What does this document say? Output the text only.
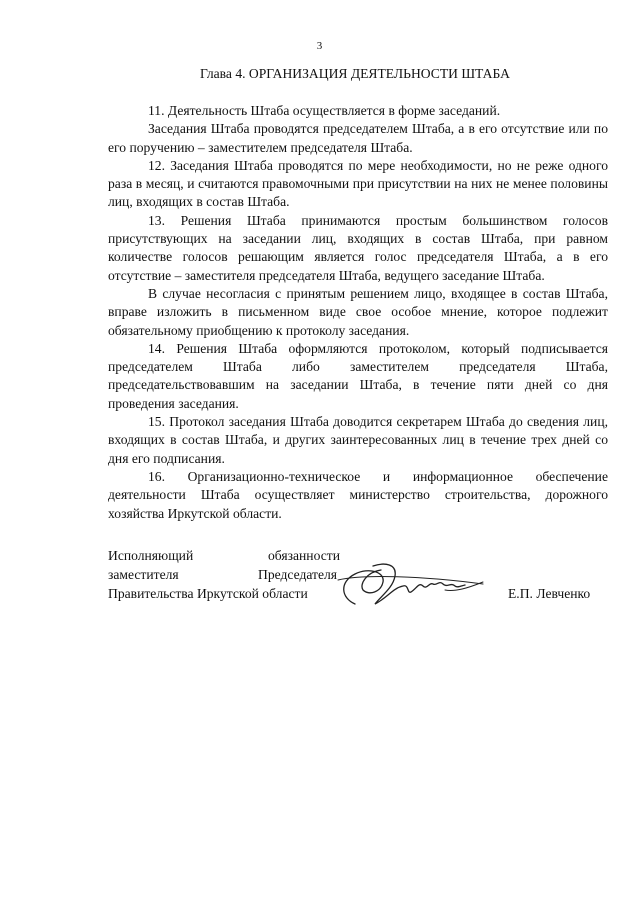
3
Глава 4. ОРГАНИЗАЦИЯ ДЕЯТЕЛЬНОСТИ ШТАБА

11. Деятельность Штаба осуществляется в форме заседаний.

Заседания Штаба проводятся председателем Штаба, а в его отсутствие или по его поручению – заместителем председателя Штаба.

12. Заседания Штаба проводятся по мере необходимости, но не реже одного раза в месяц, и считаются правомочными при присутствии на них не менее половины лиц, входящих в состав Штаба.

13. Решения Штаба принимаются простым большинством голосов присутствующих на заседании лиц, входящих в состав Штаба, при равном количестве голосов решающим является голос председателя Штаба, а в его отсутствие – заместителя председателя Штаба, ведущего заседание Штаба.

В случае несогласия с принятым решением лицо, входящее в состав Штаба, вправе изложить в письменном виде свое особое мнение, которое подлежит обязательному приобщению к протоколу заседания.

14. Решения Штаба оформляются протоколом, который подписывается председателем Штаба либо заместителем председателя Штаба, председательствовавшим на заседании Штаба, в течение пяти дней со дня проведения заседания.

15. Протокол заседания Штаба доводится секретарем Штаба до сведения лиц, входящих в состав Штаба, и других заинтересованных лиц в течение трех дней со дня его подписания.

16. Организационно-техническое и информационное обеспечение деятельности Штаба осуществляет министерство строительства, дорожного хозяйства Иркутской области.

Исполняющий	обязанности
заместителя	Председателя
Правительства Иркутской области	Е.П. Левченко
